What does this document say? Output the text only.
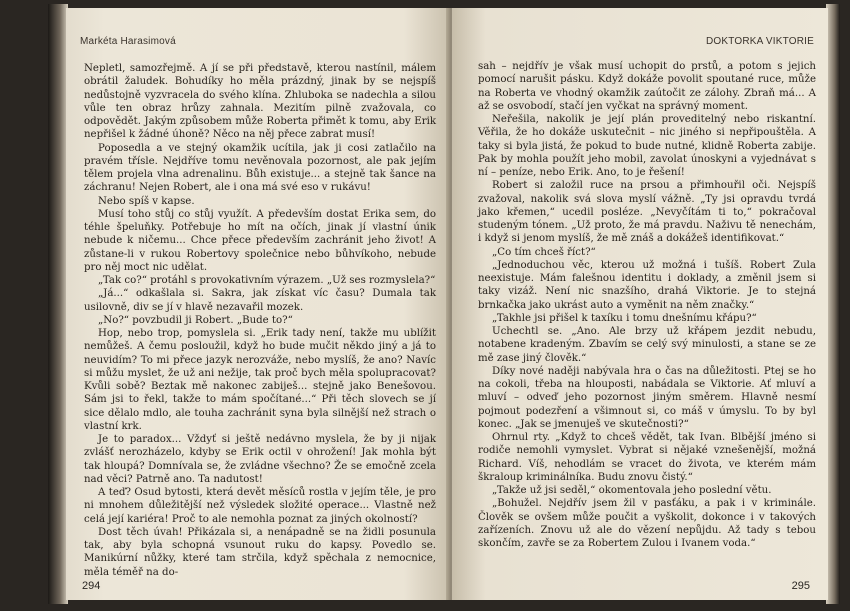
Markéta Harasimová

Nepletl, samozřejmě. A jí se při představě, kterou nastínil, málem obrátil žaludek. Bohudíky ho měla prázdný, jinak by se nejspíš nedůstojně vyzvracela do svého klína. Zhluboka se nadechla a silou vůle ten obraz hrůzy zahnala. Mezitím pilně zvažovala, co odpovědět. Jakým způsobem může Roberta přimět k tomu, aby Erik nepřišel k žádné úhoně? Něco na něj přece zabrat musí!

Poposedla a ve stejný okamžik ucítila, jak ji cosi zatlačilo na pravém třísle. Nejdříve tomu nevěnovala pozornost, ale pak jejím tělem projela vlna adrenalinu. Bůh existuje... a stejně tak šance na záchranu! Nejen Robert, ale i ona má své eso v rukávu!

Nebo spíš v kapse.

Musí toho stůj co stůj využít. A především dostat Erika sem, do téhle špeluňky. Potřebuje ho mít na očích, jinak jí vlastní únik nebude k ničemu... Chce přece především zachránit jeho život! A zůstane-li v rukou Robertovy společnice nebo bůhvíkoho, nebude pro něj moct nic udělat.

„Tak co?“ protáhl s provokativním výrazem. „Už ses rozmyslela?“

„Já...“ odkašlala si. Sakra, jak získat víc času? Dumala tak usilovně, div se jí v hlavě nezavařil mozek.

„No?“ povzbudil ji Robert. „Bude to?“

Hop, nebo trop, pomyslela si. „Erik tady není, takže mu ublížit nemůžeš. A čemu posloužil, když ho bude mučit někdo jiný a já to neuvidím? To mi přece jazyk nerozváže, nebo myslíš, že ano? Navíc si můžu myslet, že už ani nežije, tak proč bych měla spolupracovat? Kvůli sobě? Beztak mě nakonec zabiješ... stejně jako Benešovou. Sám jsi to řekl, takže to mám spočítané...“ Při těch slovech se jí sice dělalo mdlo, ale touha zachránit syna byla silnější než strach o vlastní krk.

Je to paradox... Vždyť si ještě nedávno myslela, že by ji nijak zvlášť nerozházelo, kdyby se Erik octil v ohrožení! Jak mohla být tak hloupá? Domnívala se, že zvládne všechno? Že se emočně zcela nad věci? Patrně ano. Ta nadutost!

A teď? Osud bytosti, která devět měsíců rostla v jejím těle, je pro ni mnohem důležitější než výsledek složité operace... Vlastně než celá její kariéra! Proč to ale nemohla poznat za jiných okolností?

Dost těch úvah! Přikázala si, a nenápadně se na židli posunula tak, aby byla schopná vsunout ruku do kapsy. Povedlo se. Manikúrní nůžky, které tam strčila, když spěchala z nemocnice, měla téměř na do-

294
DOKTORKA VIKTORIE

sah – nejdřív je však musí uchopit do prstů, a potom s jejich pomocí narušit pásku. Když dokáže povolit spoutané ruce, může na Roberta ve vhodný okamžik zaútočit ze zálohy. Zbraň má... A až se osvobodí, stačí jen vyčkat na správný moment.

Neřešila, nakolik je její plán proveditelný nebo riskantní. Věřila, že ho dokáže uskutečnit – nic jiného si nepřipouštěla. A taky si byla jistá, že pokud to bude nutné, klidně Roberta zabije. Pak by mohla použít jeho mobil, zavolat únoskyni a vyjednávat s ní – peníze, nebo Erik. Ano, to je řešení!

Robert si založil ruce na prsou a přimhouřil oči. Nejspíš zvažoval, nakolik svá slova myslí vážně. „Ty jsi opravdu tvrdá jako křemen,“ ucedil posléze. „Nevyčítám ti to,“ pokračoval studeným tónem. „Už proto, že má pravdu. Naživu tě nenechám, i když si jenom myslíš, že mě znáš a dokážeš identifikovat.“

„Co tím chceš říct?“

„Jednoduchou věc, kterou už možná i tušíš. Robert Zula neexistuje. Mám falešnou identitu i doklady, a změnil jsem si taky vizáž. Není nic snazšího, drahá Viktorie. Je to stejná brnkačka jako ukrást auto a vyměnit na něm značky.“

„Takhle jsi přišel k taxíku i tomu dnešnímu křápu?“

Uchechtl se. „Ano. Ale brzy už křápem jezdit nebudu, notabene kradeným. Zbavím se celý svý minulosti, a stane se ze mě zase jiný člověk.“

Díky nové naději nabývala hra o čas na důležitosti. Ptej se ho na cokoli, třeba na hlouposti, nabádala se Viktorie. Ať mluví a mluví – odveď jeho pozornost jiným směrem. Hlavně nesmí pojmout podezření a všimnout si, co máš v úmyslu. To by byl konec. „Jak se jmenuješ ve skutečnosti?“

Ohrnul rty. „Když to chceš vědět, tak Ivan. Blbější jméno si rodiče nemohli vymyslet. Vybrat si nějaké vznešenější, možná Richard. Víš, nehodlám se vracet do života, ve kterém mám škraloup kriminálníka. Budu znovu čistý.“

„Takže už jsi seděl,“ okomentovala jeho poslední větu.

„Bohužel. Nejdřív jsem žil v pasťáku, a pak i v kriminále. Člověk se ovšem může poučit a vyškolit, dokonce i v takových zařízeních. Znovu už ale do vězení nepůjdu. Až tady s tebou skončím, zavře se za Robertem Zulou i Ivanem voda.“

295
